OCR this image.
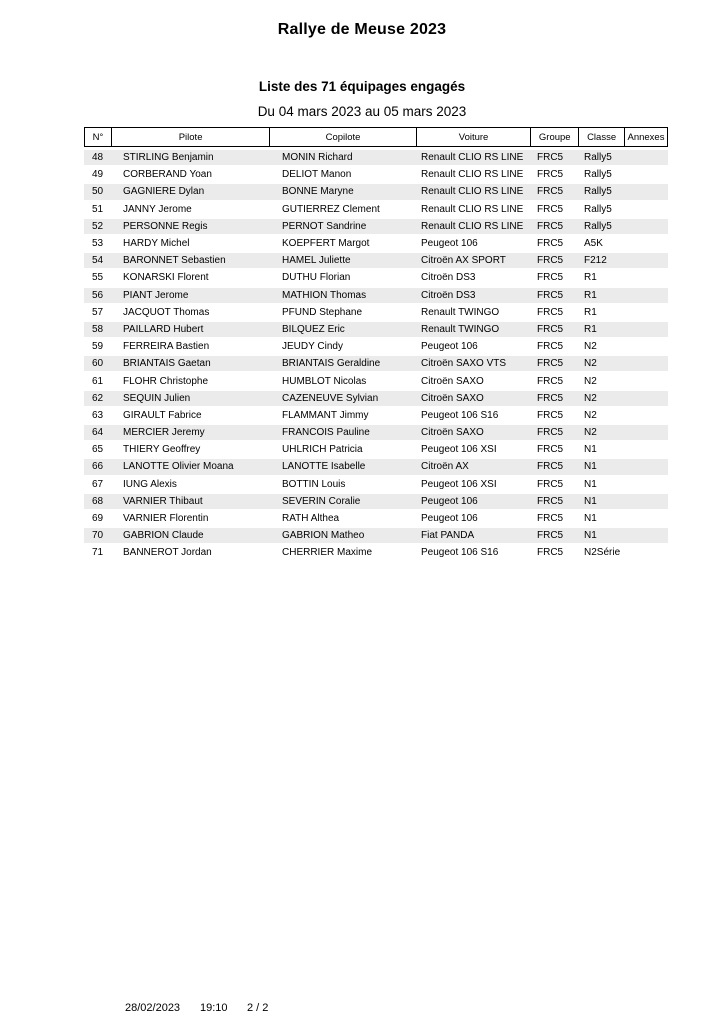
Rallye de Meuse 2023
Liste des 71 équipages engagés
Du 04 mars 2023 au 05 mars 2023
N°	Pilote	Copilote	Voiture	Groupe	Classe	Annexes
48	STIRLING Benjamin	MONIN Richard	Renault CLIO RS LINE	FRC5	Rally5
49	CORBERAND Yoan	DELIOT Manon	Renault CLIO RS LINE	FRC5	Rally5
50	GAGNIERE Dylan	BONNE Maryne	Renault CLIO RS LINE	FRC5	Rally5
51	JANNY Jerome	GUTIERREZ Clement	Renault CLIO RS LINE	FRC5	Rally5
52	PERSONNE Regis	PERNOT Sandrine	Renault CLIO RS LINE	FRC5	Rally5
53	HARDY Michel	KOEPFERT Margot	Peugeot 106	FRC5	A5K
54	BARONNET Sebastien	HAMEL Juliette	Citroën AX SPORT	FRC5	F212
55	KONARSKI Florent	DUTHU Florian	Citroën DS3	FRC5	R1
56	PIANT Jerome	MATHION Thomas	Citroën DS3	FRC5	R1
57	JACQUOT Thomas	PFUND Stephane	Renault TWINGO	FRC5	R1
58	PAILLARD Hubert	BILQUEZ Eric	Renault TWINGO	FRC5	R1
59	FERREIRA Bastien	JEUDY Cindy	Peugeot 106	FRC5	N2
60	BRIANTAIS Gaetan	BRIANTAIS Geraldine	Citroën SAXO VTS	FRC5	N2
61	FLOHR Christophe	HUMBLOT Nicolas	Citroën SAXO	FRC5	N2
62	SEQUIN Julien	CAZENEUVE Sylvian	Citroën SAXO	FRC5	N2
63	GIRAULT Fabrice	FLAMMANT Jimmy	Peugeot 106 S16	FRC5	N2
64	MERCIER Jeremy	FRANCOIS Pauline	Citroën SAXO	FRC5	N2
65	THIERY Geoffrey	UHLRICH Patricia	Peugeot 106 XSI	FRC5	N1
66	LANOTTE Olivier Moana	LANOTTE Isabelle	Citroën AX	FRC5	N1
67	IUNG Alexis	BOTTIN Louis	Peugeot 106 XSI	FRC5	N1
68	VARNIER Thibaut	SEVERIN Coralie	Peugeot 106	FRC5	N1
69	VARNIER Florentin	RATH Althea	Peugeot 106	FRC5	N1
70	GABRION Claude	GABRION Matheo	Fiat PANDA	FRC5	N1
71	BANNEROT Jordan	CHERRIER Maxime	Peugeot 106 S16	FRC5	N2Série
28/02/2023 19:10 2 / 2
